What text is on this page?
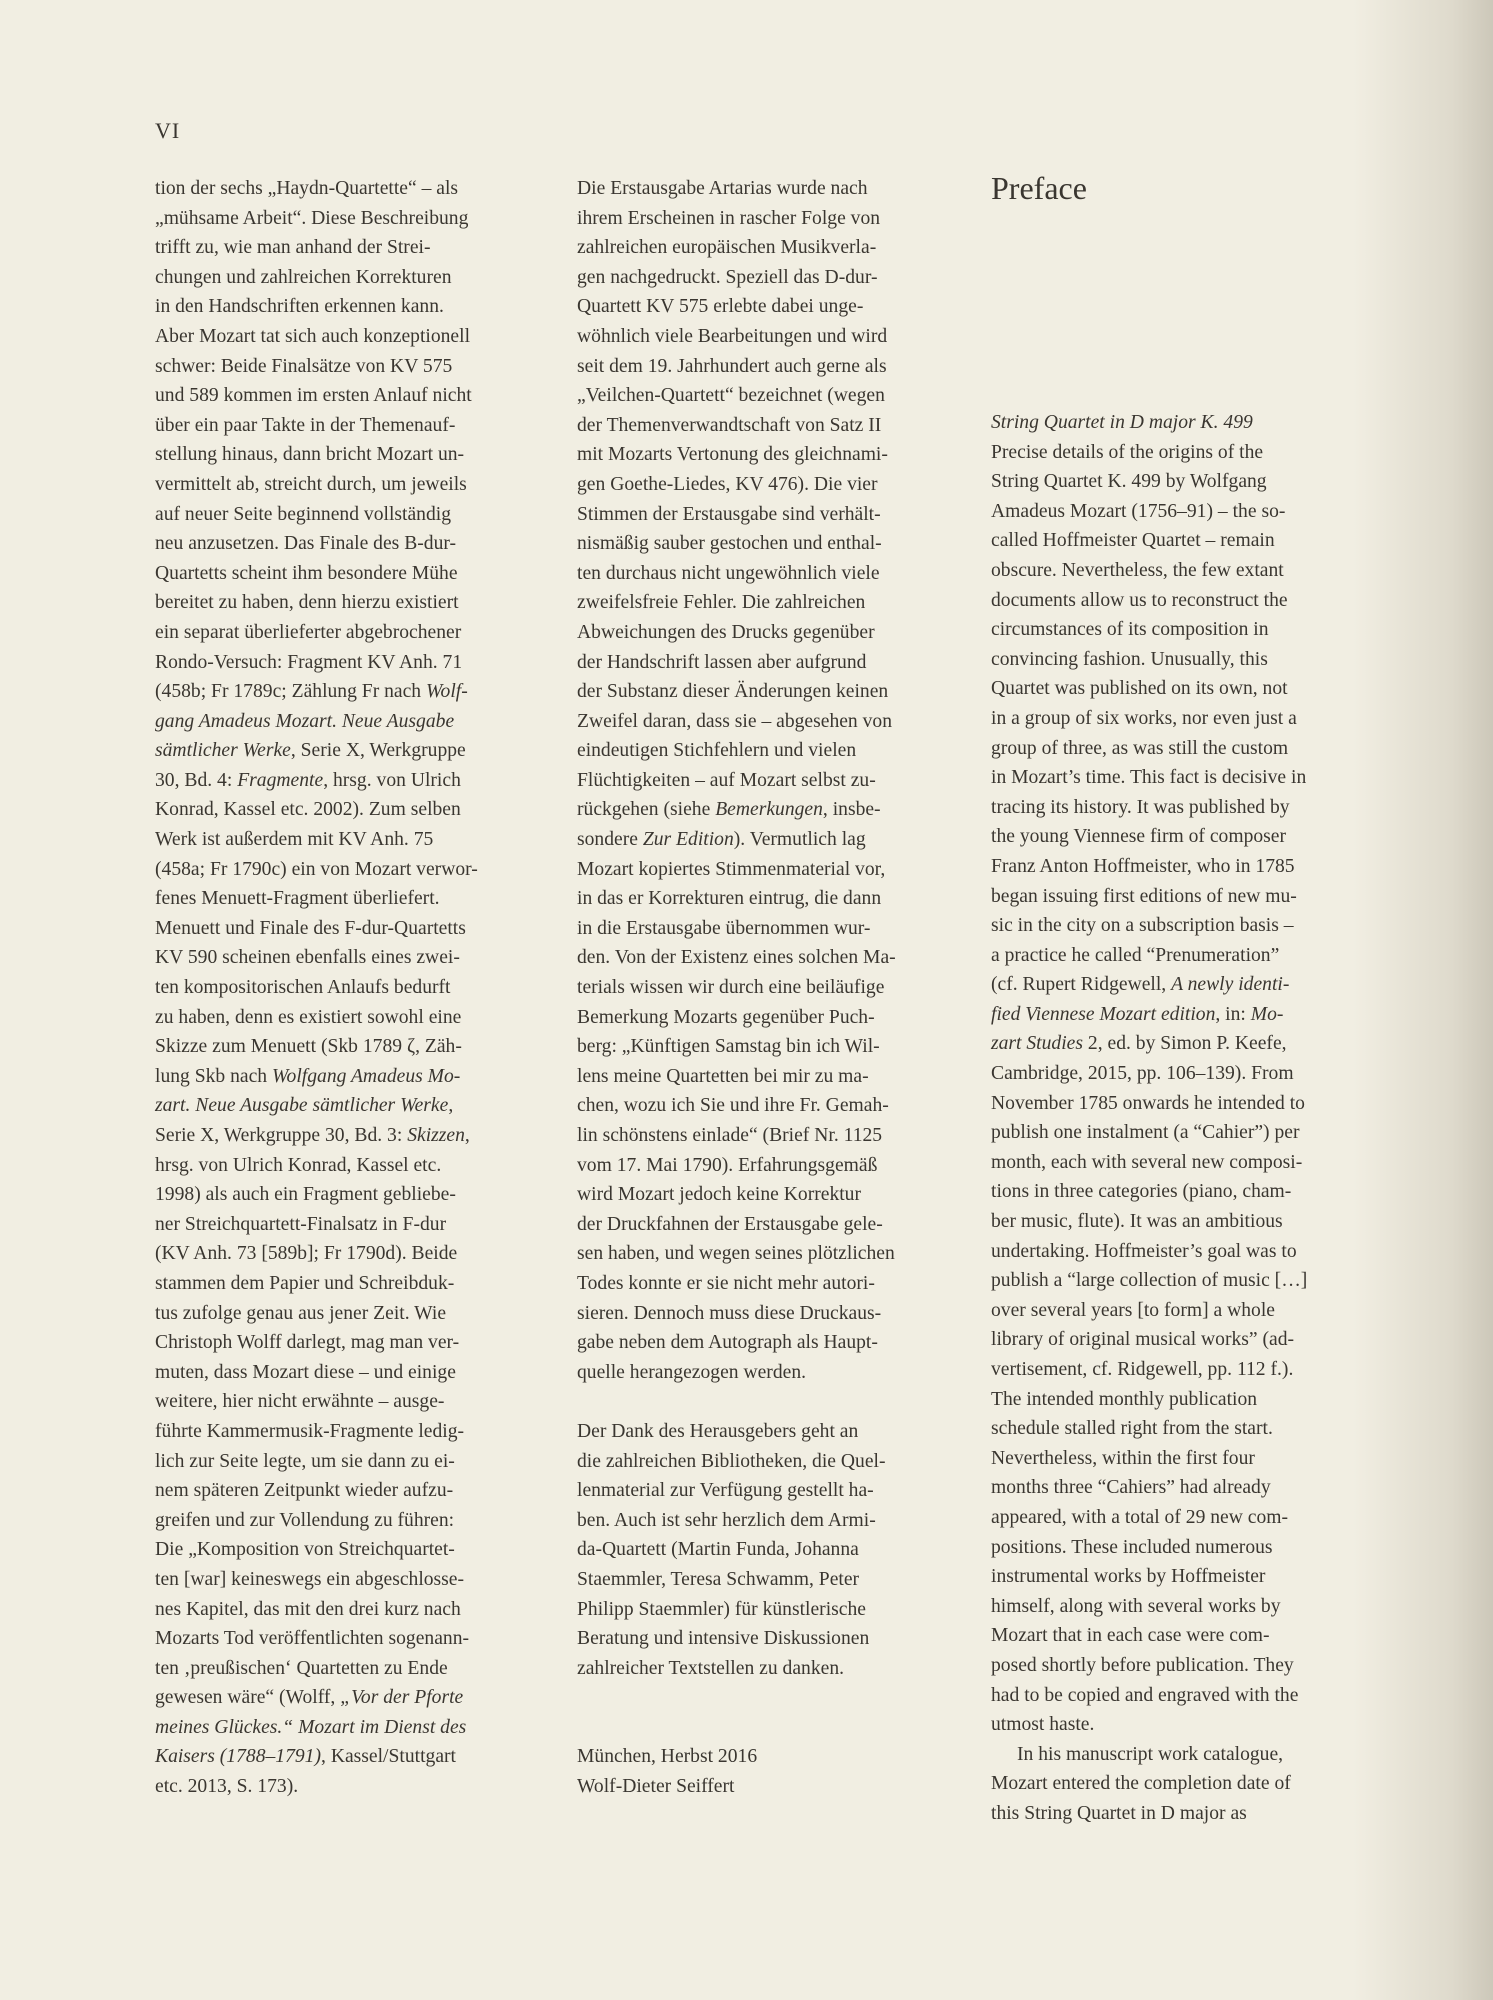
VI
tion der sechs „Haydn-Quartette“ – als
„mühsame Arbeit“. Diese Beschreibung
trifft zu, wie man anhand der Strei-
chungen und zahlreichen Korrekturen
in den Handschriften erkennen kann.
Aber Mozart tat sich auch konzeptionell
schwer: Beide Finalsätze von KV 575
und 589 kommen im ersten Anlauf nicht
über ein paar Takte in der Themenauf-
stellung hinaus, dann bricht Mozart un-
vermittelt ab, streicht durch, um jeweils
auf neuer Seite beginnend vollständig
neu anzusetzen. Das Finale des B-dur-
Quartetts scheint ihm besondere Mühe
bereitet zu haben, denn hierzu existiert
ein separat überlieferter abgebrochener
Rondo-Versuch: Fragment KV Anh. 71
(458b; Fr 1789c; Zählung Fr nach Wolf-
gang Amadeus Mozart. Neue Ausgabe
sämtlicher Werke, Serie X, Werkgruppe
30, Bd. 4: Fragmente, hrsg. von Ulrich
Konrad, Kassel etc. 2002). Zum selben
Werk ist außerdem mit KV Anh. 75
(458a; Fr 1790c) ein von Mozart verwor-
fenes Menuett-Fragment überliefert.
Menuett und Finale des F-dur-Quartetts
KV 590 scheinen ebenfalls eines zwei-
ten kompositorischen Anlaufs bedurft
zu haben, denn es existiert sowohl eine
Skizze zum Menuett (Skb 1789 ζ, Zäh-
lung Skb nach Wolfgang Amadeus Mo-
zart. Neue Ausgabe sämtlicher Werke,
Serie X, Werkgruppe 30, Bd. 3: Skizzen,
hrsg. von Ulrich Konrad, Kassel etc.
1998) als auch ein Fragment gebliebe-
ner Streichquartett-Finalsatz in F-dur
(KV Anh. 73 [589b]; Fr 1790d). Beide
stammen dem Papier und Schreibduk-
tus zufolge genau aus jener Zeit. Wie
Christoph Wolff darlegt, mag man ver-
muten, dass Mozart diese – und einige
weitere, hier nicht erwähnte – ausge-
führte Kammermusik-Fragmente ledig-
lich zur Seite legte, um sie dann zu ei-
nem späteren Zeitpunkt wieder aufzu-
greifen und zur Vollendung zu führen:
Die „Komposition von Streichquartet-
ten [war] keineswegs ein abgeschlosse-
nes Kapitel, das mit den drei kurz nach
Mozarts Tod veröffentlichten sogenann-
ten ‚preußischen‘ Quartetten zu Ende
gewesen wäre“ (Wolff, „Vor der Pforte
meines Glückes.“ Mozart im Dienst des
Kaisers (1788–1791), Kassel/Stuttgart
etc. 2013, S. 173).
Die Erstausgabe Artarias wurde nach
ihrem Erscheinen in rascher Folge von
zahlreichen europäischen Musikverla-
gen nachgedruckt. Speziell das D-dur-
Quartett KV 575 erlebte dabei unge-
wöhnlich viele Bearbeitungen und wird
seit dem 19. Jahrhundert auch gerne als
„Veilchen-Quartett“ bezeichnet (wegen
der Themenverwandtschaft von Satz II
mit Mozarts Vertonung des gleichnami-
gen Goethe-Liedes, KV 476). Die vier
Stimmen der Erstausgabe sind verhält-
nismäßig sauber gestochen und enthal-
ten durchaus nicht ungewöhnlich viele
zweifelsfreie Fehler. Die zahlreichen
Abweichungen des Drucks gegenüber
der Handschrift lassen aber aufgrund
der Substanz dieser Änderungen keinen
Zweifel daran, dass sie – abgesehen von
eindeutigen Stichfehlern und vielen
Flüchtigkeiten – auf Mozart selbst zu-
rückgehen (siehe Bemerkungen, insbe-
sondere Zur Edition). Vermutlich lag
Mozart kopiertes Stimmenmaterial vor,
in das er Korrekturen eintrug, die dann
in die Erstausgabe übernommen wur-
den. Von der Existenz eines solchen Ma-
terials wissen wir durch eine beiläufige
Bemerkung Mozarts gegenüber Puch-
berg: „Künftigen Samstag bin ich Wil-
lens meine Quartetten bei mir zu ma-
chen, wozu ich Sie und ihre Fr. Gemah-
lin schönstens einlade“ (Brief Nr. 1125
vom 17. Mai 1790). Erfahrungsgemäß
wird Mozart jedoch keine Korrektur
der Druckfahnen der Erstausgabe gele-
sen haben, und wegen seines plötzlichen
Todes konnte er sie nicht mehr autori-
sieren. Dennoch muss diese Druckaus-
gabe neben dem Autograph als Haupt-
quelle herangezogen werden.
Der Dank des Herausgebers geht an
die zahlreichen Bibliotheken, die Quel-
lenmaterial zur Verfügung gestellt ha-
ben. Auch ist sehr herzlich dem Armi-
da-Quartett (Martin Funda, Johanna
Staemmler, Teresa Schwamm, Peter
Philipp Staemmler) für künstlerische
Beratung und intensive Diskussionen
zahlreicher Textstellen zu danken.
München, Herbst 2016
Wolf-Dieter Seiffert
Preface
String Quartet in D major K. 499
Precise details of the origins of the
String Quartet K. 499 by Wolfgang
Amadeus Mozart (1756–91) – the so-
called Hoffmeister Quartet – remain
obscure. Nevertheless, the few extant
documents allow us to reconstruct the
circumstances of its composition in
convincing fashion. Unusually, this
Quartet was published on its own, not
in a group of six works, nor even just a
group of three, as was still the custom
in Mozart’s time. This fact is decisive in
tracing its history. It was published by
the young Viennese firm of composer
Franz Anton Hoffmeister, who in 1785
began issuing first editions of new mu-
sic in the city on a subscription basis –
a practice he called “Prenumeration”
(cf. Rupert Ridgewell, A newly identi-
fied Viennese Mozart edition, in: Mo-
zart Studies 2, ed. by Simon P. Keefe,
Cambridge, 2015, pp. 106–139). From
November 1785 onwards he intended to
publish one instalment (a “Cahier”) per
month, each with several new composi-
tions in three categories (piano, cham-
ber music, flute). It was an ambitious
undertaking. Hoffmeister’s goal was to
publish a “large collection of music […]
over several years [to form] a whole
library of original musical works” (ad-
vertisement, cf. Ridgewell, pp. 112 f.).
The intended monthly publication
schedule stalled right from the start.
Nevertheless, within the first four
months three “Cahiers” had already
appeared, with a total of 29 new com-
positions. These included numerous
instrumental works by Hoffmeister
himself, along with several works by
Mozart that in each case were com-
posed shortly before publication. They
had to be copied and engraved with the
utmost haste.
In his manuscript work catalogue,
Mozart entered the completion date of
this String Quartet in D major as
